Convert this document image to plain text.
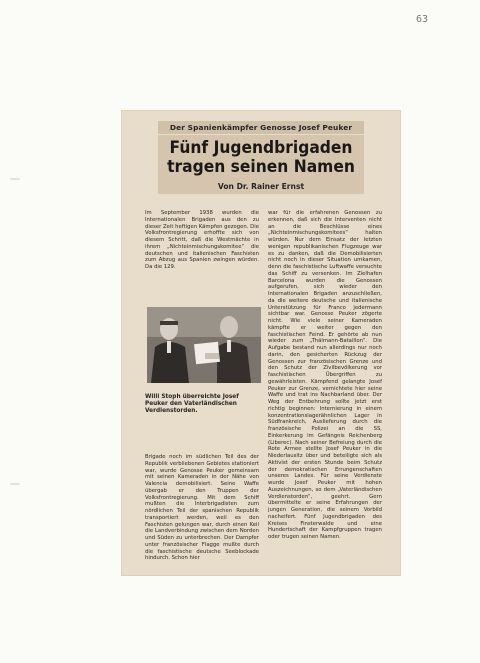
63
Der Spanienkämpfer Genosse Josef Peuker
Fünf Jugendbrigaden
tragen seinen Namen
Von Dr. Rainer Ernst

Im September 1938 wurden die Internationalen Brigaden aus den zu dieser Zeit heftigen Kämpfen gezogen. Die Volksfrontregierung erhoffte sich von diesem Schritt, daß die Westmächte in ihrem „Nichteinmischungskomitee“ die deutschen und italienischen Faschisten zum Abzug aus Spanien zwingen würden. Da die 129.

Willi Stoph überreichte Josef Peuker den Vaterländischen Verdienstorden.

Brigade noch im südlichen Teil des der Republik verbliebenen Gebietes stationiert war, wurde Genosse Peuker gemeinsam mit seinen Kameraden in der Nähe von Valencia demobilisiert. Seine Waffe übergab er den Truppen der Volksfrontregierung. Mit dem Schiff mußten die Interbrigadisten zum nördlichen Teil der spanischen Republik transportiert werden, weil es den Faschisten gelungen war, durch einen Keil die Landverbindung zwischen dem Norden und Süden zu unterbrechen. Der Dampfer unter französischer Flagge mußte durch die faschistische deutsche Seeblockade hindurch. Schon hier

war für die erfahrenen Genossen zu erkennen, daß sich die Interventen nicht an die Beschlüsse eines „Nichteinmischungskomitees“ halten würden. Nur dem Einsatz der letzten wenigen republikanischen Flugzeuge war es zu danken, daß die Demobilisierten nicht noch in dieser Situation umkamen, denn die faschistische Luftwaffe versuchte das Schiff zu versenken. Im Zielhafen Barcelona wurden die Genossen aufgerufen, sich wieder den Internationalen Brigaden anzuschließen, da die weitere deutsche und italienische Unterstützung für Franco jedermann sichtbar war. Genosse Peuker zögerte nicht. Wie viele seiner Kameraden kämpfte er weiter gegen den faschistischen Feind. Er gehörte ab nun wieder zum „Thälmann-Bataillon“. Die Aufgabe bestand nun allerdings nur noch darin, den gesicherten Rückzug der Genossen zur französischen Grenze und den Schutz der Zivilbevölkerung vor faschistischen Übergriffen zu gewährleisten. Kämpfend gelangte Josef Peuker zur Grenze, vernichtete hier seine Waffe und trat ins Nachbarland über. Der Weg der Entbehrung sollte jetzt erst richtig beginnen: Internierung in einem konzentrationslagerähnlichen Lager in Südfrankreich, Auslieferung durch die französische Polizei an die SS, Einkerkerung im Gefängnis Reichenberg (Liberec). Nach seiner Befreiung durch die Rote Armee stellte Josef Peuker in die Niederlausitz über und beteiligte sich als Aktivist der ersten Stunde beim Schutz der demokratischen Errungenschaften unseres Landes. Für seine Verdienste wurde Josef Peuker mit hohen Auszeichnungen, so dem „Vaterländischen Verdienstorden“, geehrt. Gern übermittelte er seine Erfahrungen der jungen Generation, die seinem Vorbild nacheifert. Fünf Jugendbrigaden des Kreises Finsterwalde und eine Hundertschaft der Kampfgruppen tragen oder trugen seinen Namen.
